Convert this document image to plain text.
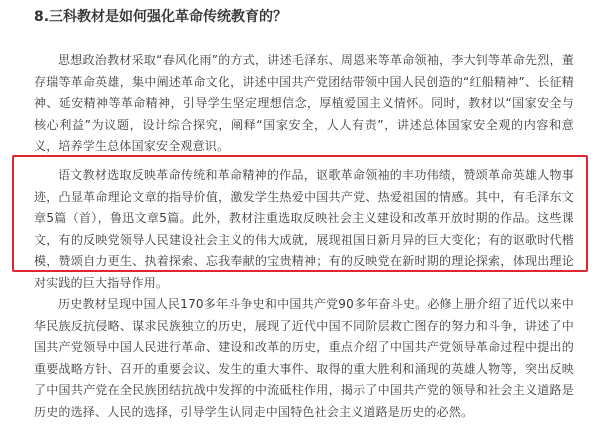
8.三科教材是如何强化革命传统教育的？

思想政治教材采取“春风化雨”的方式，讲述毛泽东、周恩来等革命领袖，李大钊等革命先烈，董存瑞等革命英雄，集中阐述革命文化，讲述中国共产党团结带领中国人民创造的“红船精神”、长征精神、延安精神等革命精神，引导学生坚定理想信念，厚植爱国主义情怀。同时，教材以“国家安全与核心利益”为议题，设计综合探究，阐释“国家安全，人人有责”，讲述总体国家安全观的内容和意义，培养学生总体国家安全观意识。

语文教材选取反映革命传统和革命精神的作品，讴歌革命领袖的丰功伟绩，赞颂革命英雄人物事迹，凸显革命理论文章的指导价值，激发学生热爱中国共产党、热爱祖国的情感。其中，有毛泽东文章5篇（首），鲁迅文章5篇。此外，教材注重选取反映社会主义建设和改革开放时期的作品。这些课文，有的反映党领导人民建设社会主义的伟大成就，展现祖国日新月异的巨大变化；有的讴歌时代楷模，赞颂自力更生、执着探索、忘我奉献的宝贵精神；有的反映党在新时期的理论探索，体现出理论对实践的巨大指导作用。

历史教材呈现中国人民170多年斗争史和中国共产党90多年奋斗史。必修上册介绍了近代以来中华民族反抗侵略、谋求民族独立的历史，展现了近代中国不同阶层救亡图存的努力和斗争，讲述了中国共产党领导中国人民进行革命、建设和改革的历史，重点介绍了中国共产党领导革命过程中提出的重要战略方针、召开的重要会议、发生的重大事件、取得的重大胜利和涌现的英雄人物等，突出反映了中国共产党在全民族团结抗战中发挥的中流砥柱作用，揭示了中国共产党的领导和社会主义道路是历史的选择、人民的选择，引导学生认同走中国特色社会主义道路是历史的必然。
